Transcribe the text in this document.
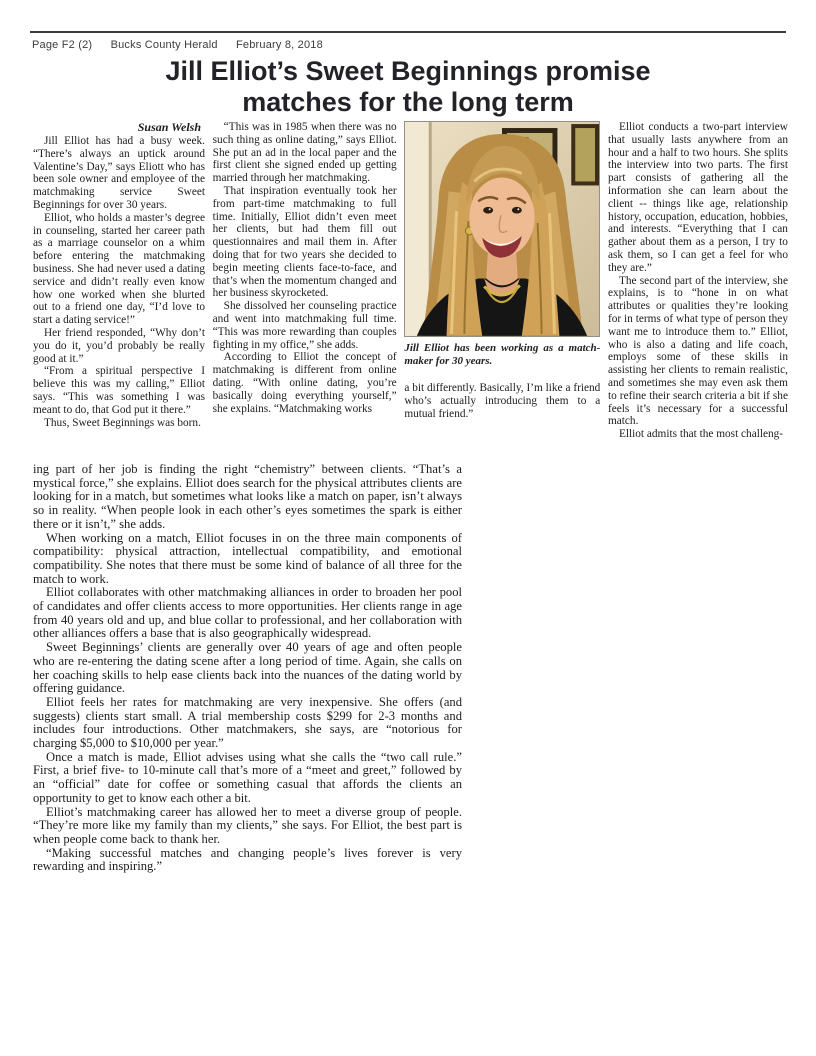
Page F2 (2) Bucks County Herald February 8, 2018
Jill Elliot’s Sweet Beginnings promise
matches for the long term
Susan Welsh

Jill Elliot has had a busy week. “There’s always an uptick around Valentine’s Day,” says Eliott who has been sole owner and employee of the matchmaking service Sweet Beginnings for over 30 years.

Elliot, who holds a master’s degree in counseling, started her career path as a marriage counselor on a whim before entering the matchmaking business. She had never used a dating service and didn’t really even know how one worked when she blurted out to a friend one day, “I’d love to start a dating service!”

Her friend responded, “Why don’t you do it, you’d probably be really good at it.”

“From a spiritual perspective I believe this was my calling,” Elliot says. “This was something I was meant to do, that God put it there.”

Thus, Sweet Beginnings was born.

“This was in 1985 when there was no such thing as online dating,” says Elliot. She put an ad in the local paper and the first client she signed ended up getting married through her matchmaking.

That inspiration eventually took her from part-time matchmaking to full time. Initially, Elliot didn’t even meet her clients, but had them fill out questionnaires and mail them in. After doing that for two years she decided to begin meeting clients face-to-face, and that’s when the momentum changed and her business skyrocketed.

She dissolved her counseling practice and went into matchmaking full time. “This was more rewarding than couples fighting in my office,” she adds.

According to Elliot the concept of matchmaking is different from online dating. “With online dating, you’re basically doing everything yourself,” she explains. “Matchmaking works

Jill Elliot has been working as a match-maker for 30 years.

a bit differently. Basically, I’m like a friend who’s actually introducing them to a mutual friend.”

Elliot conducts a two-part interview that usually lasts anywhere from an hour and a half to two hours. She splits the interview into two parts. The first part consists of gathering all the information she can learn about the client -- things like age, relationship history, occupation, education, hobbies, and interests. “Everything that I can gather about them as a person, I try to ask them, so I can get a feel for who they are.”

The second part of the interview, she explains, is to “hone in on what attributes or qualities they’re looking for in terms of what type of person they want me to introduce them to.” Elliot, who is also a dating and life coach, employs some of these skills in assisting her clients to remain realistic, and sometimes she may even ask them to refine their search criteria a bit if she feels it’s necessary for a successful match.

Elliot admits that the most challeng-

ing part of her job is finding the right “chemistry” between clients. “That’s a mystical force,” she explains. Elliot does search for the physical attributes clients are looking for in a match, but sometimes what looks like a match on paper, isn’t always so in reality. “When people look in each other’s eyes sometimes the spark is either there or it isn’t,” she adds.

When working on a match, Elliot focuses in on the three main components of compatibility: physical attraction, intellectual compatibility, and emotional compatibility. She notes that there must be some kind of balance of all three for the match to work.

Elliot collaborates with other matchmaking alliances in order to broaden her pool of candidates and offer clients access to more opportunities. Her clients range in age from 40 years old and up, and blue collar to professional, and her collaboration with other alliances offers a base that is also geographically widespread.

Sweet Beginnings’ clients are generally over 40 years of age and often people who are re-entering the dating scene after a long period of time. Again, she calls on her coaching skills to help ease clients back into the nuances of the dating world by offering guidance.

Elliot feels her rates for matchmaking are very inexpensive. She offers (and suggests) clients start small. A trial membership costs $299 for 2-3 months and includes four introductions. Other matchmakers, she says, are “notorious for charging $5,000 to $10,000 per year.”

Once a match is made, Elliot advises using what she calls the “two call rule.” First, a brief five- to 10-minute call that’s more of a “meet and greet,” followed by an “official” date for coffee or something casual that affords the clients an opportunity to get to know each other a bit.

Elliot’s matchmaking career has allowed her to meet a diverse group of people. “They’re more like my family than my clients,” she says. For Elliot, the best part is when people come back to thank her.

“Making successful matches and changing people’s lives forever is very rewarding and inspiring.”
